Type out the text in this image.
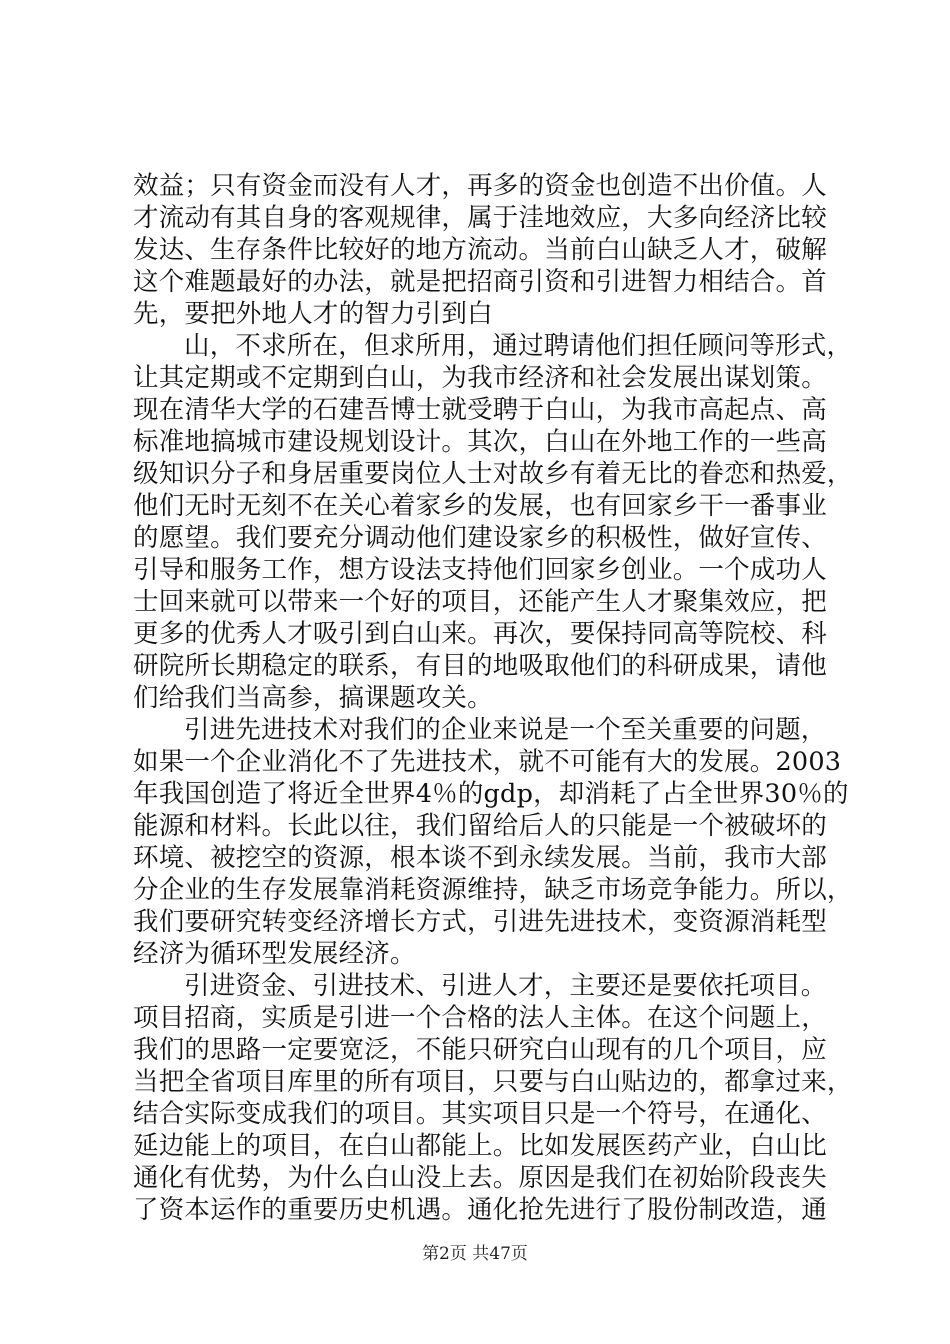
效益；只有资金而没有人才，再多的资金也创造不出价值。人
才流动有其自身的客观规律，属于洼地效应，大多向经济比较
发达、生存条件比较好的地方流动。当前白山缺乏人才，破解
这个难题最好的办法，就是把招商引资和引进智力相结合。首
先，要把外地人才的智力引到白
山，不求所在，但求所用，通过聘请他们担任顾问等形式，
让其定期或不定期到白山，为我市经济和社会发展出谋划策。
现在清华大学的石建吾博士就受聘于白山，为我市高起点、高
标准地搞城市建设规划设计。其次，白山在外地工作的一些高
级知识分子和身居重要岗位人士对故乡有着无比的眷恋和热爱，
他们无时无刻不在关心着家乡的发展，也有回家乡干一番事业
的愿望。我们要充分调动他们建设家乡的积极性，做好宣传、
引导和服务工作，想方设法支持他们回家乡创业。一个成功人
士回来就可以带来一个好的项目，还能产生人才聚集效应，把
更多的优秀人才吸引到白山来。再次，要保持同高等院校、科
研院所长期稳定的联系，有目的地吸取他们的科研成果，请他
们给我们当高参，搞课题攻关。
引进先进技术对我们的企业来说是一个至关重要的问题，
如果一个企业消化不了先进技术，就不可能有大的发展。2003
年我国创造了将近全世界4％的gdp，却消耗了占全世界30％的
能源和材料。长此以往，我们留给后人的只能是一个被破坏的
环境、被挖空的资源，根本谈不到永续发展。当前，我市大部
分企业的生存发展靠消耗资源维持，缺乏市场竞争能力。所以，
我们要研究转变经济增长方式，引进先进技术，变资源消耗型
经济为循环型发展经济。
引进资金、引进技术、引进人才，主要还是要依托项目。
项目招商，实质是引进一个合格的法人主体。在这个问题上，
我们的思路一定要宽泛，不能只研究白山现有的几个项目，应
当把全省项目库里的所有项目，只要与白山贴边的，都拿过来，
结合实际变成我们的项目。其实项目只是一个符号，在通化、
延边能上的项目，在白山都能上。比如发展医药产业，白山比
通化有优势，为什么白山没上去。原因是我们在初始阶段丧失
了资本运作的重要历史机遇。通化抢先进行了股份制改造，通
第2页 共47页
